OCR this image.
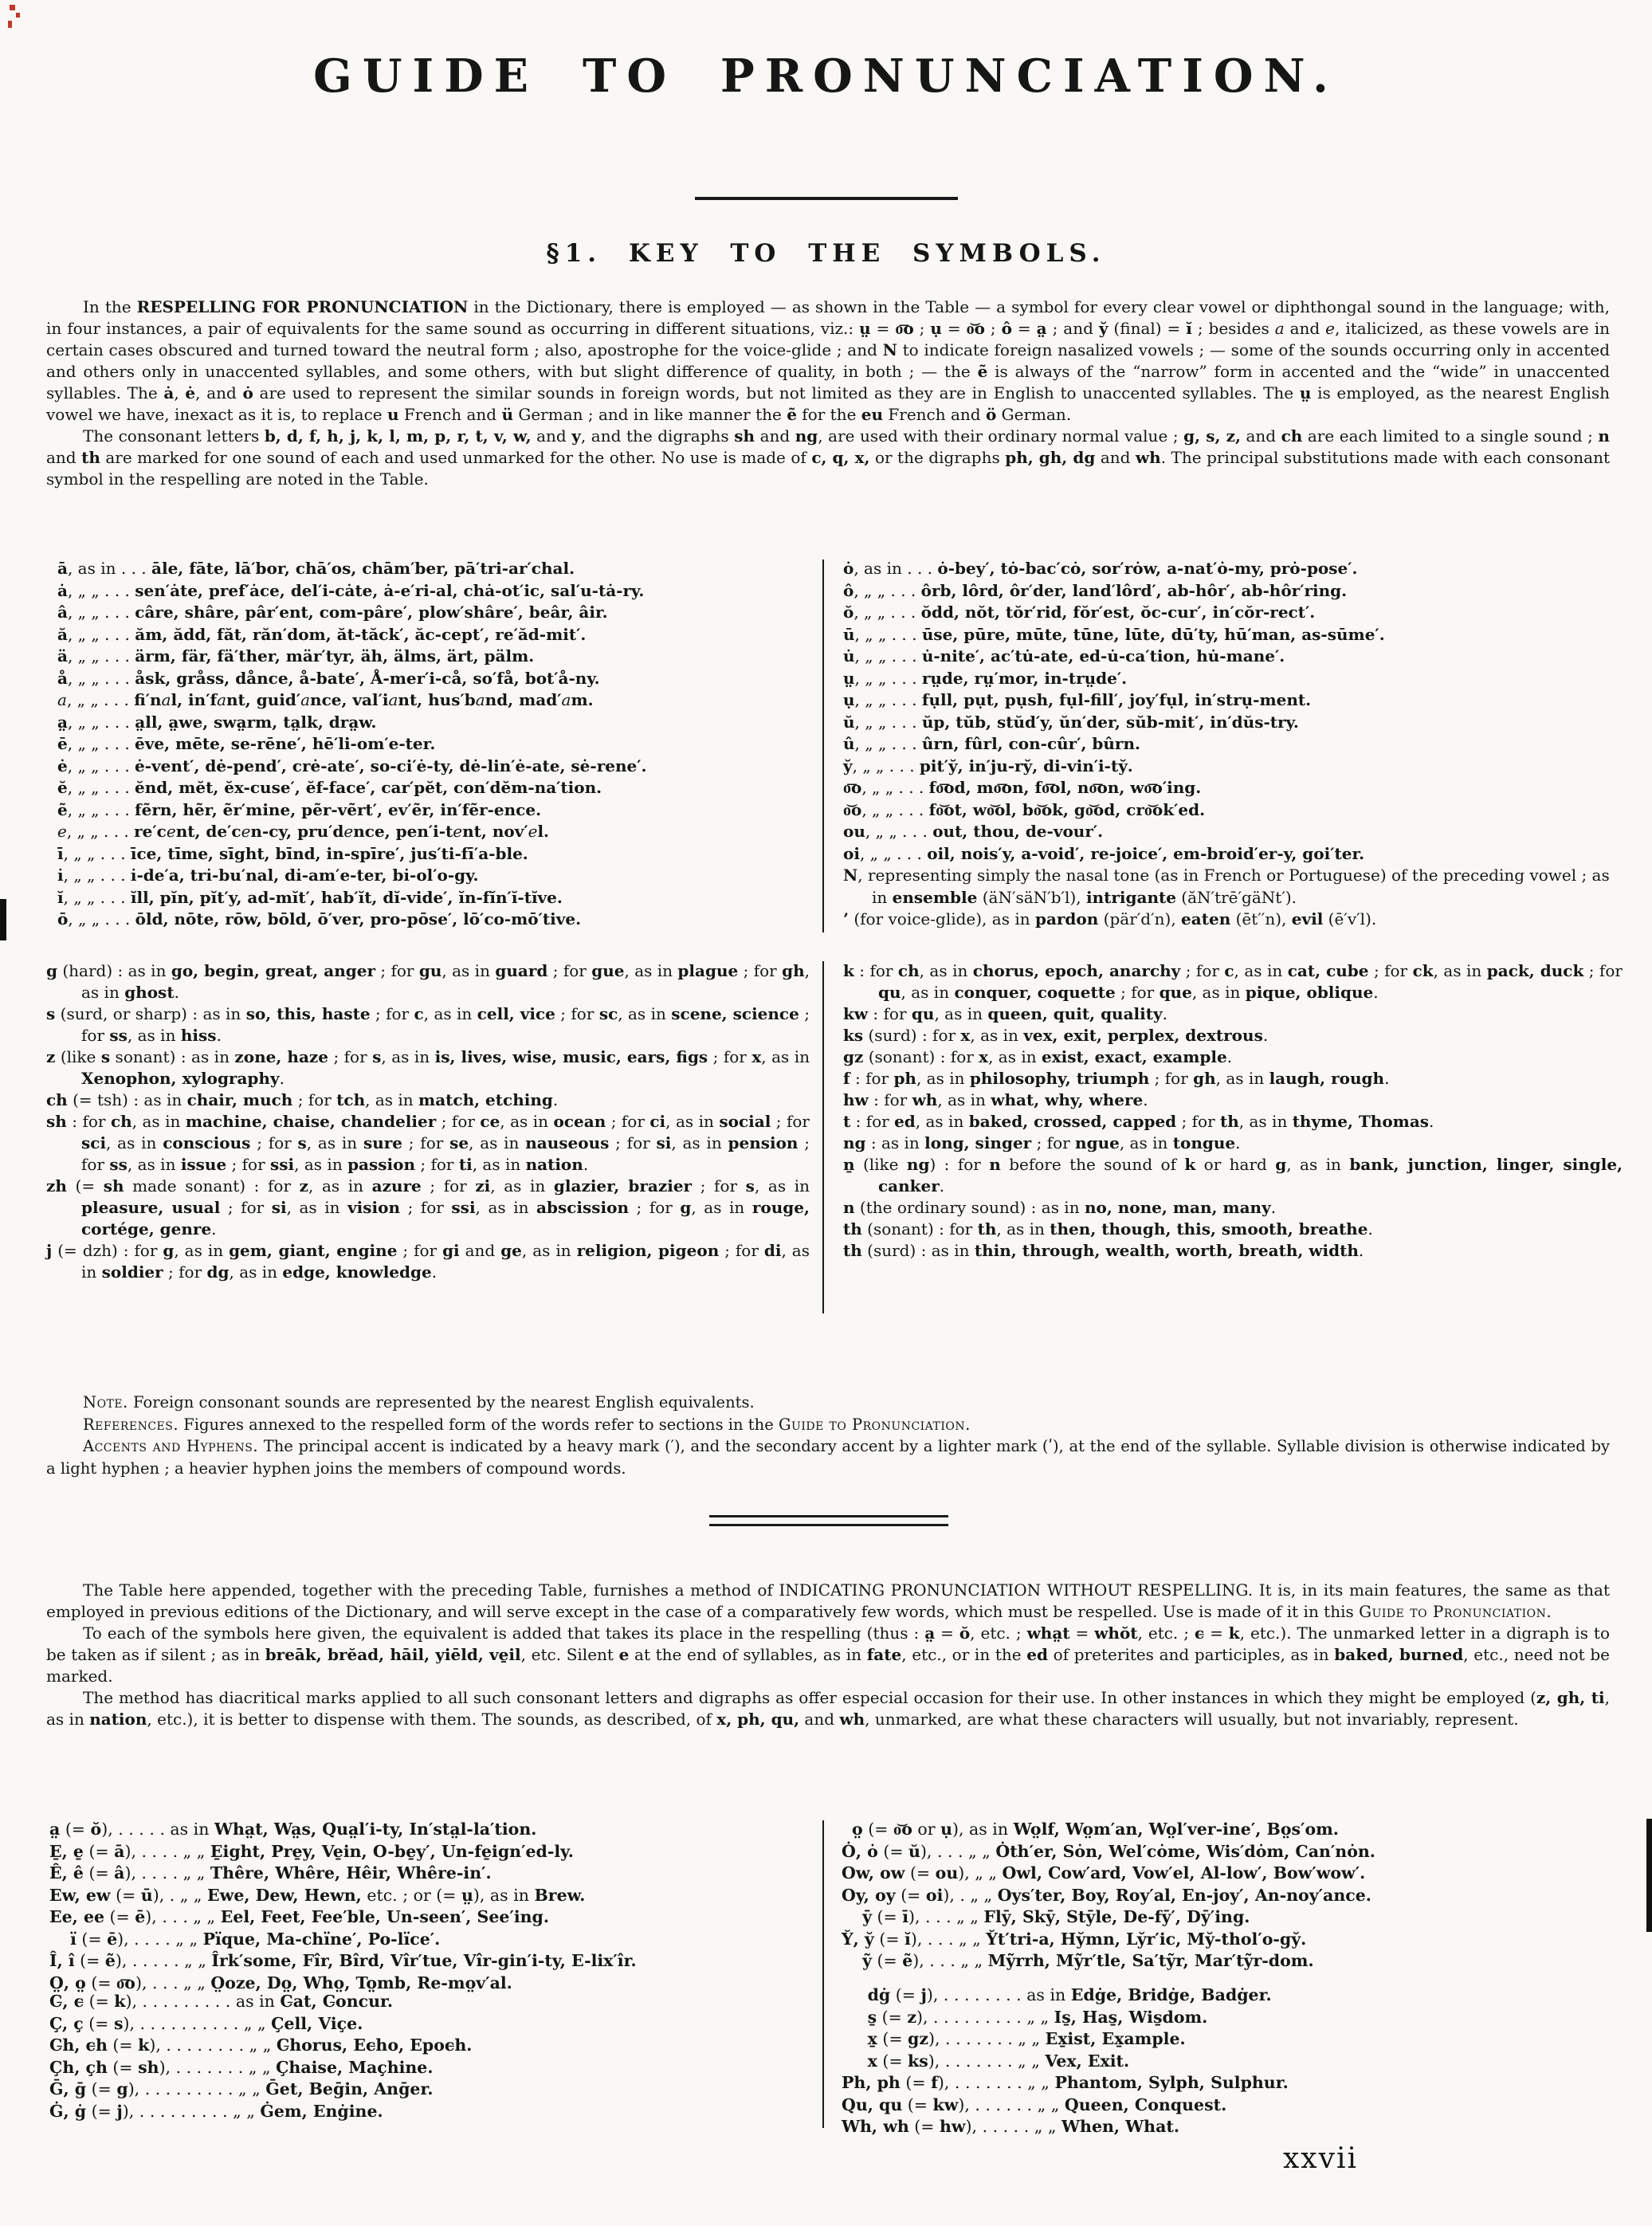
GUIDE TO PRONUNCIATION.
§1. KEY TO THE SYMBOLS.
In the RESPELLING FOR PRONUNCIATION in the Dictionary, there is employed — as shown in the Table — a symbol for every clear vowel or diphthongal sound in the language; with, in four instances, a pair of equivalents for the same sound as occurring in different situations, viz.: ṳ = o͞o ; ụ = o͝o ; ô = a̤ ; and y̆ (final) = ĭ ; besides a and e, italicized, as these vowels are in certain cases obscured and turned toward the neutral form ; also, apostrophe for the voice-glide ; and N to indicate foreign nasalized vowels ; — some of the sounds occurring only in accented and others only in unaccented syllables, and some others, with but slight difference of quality, in both ; — the ẽ is always of the “narrow” form in accented and the “wide” in unaccented syllables. The ȧ, ė, and ȯ are used to represent the similar sounds in foreign words, but not limited as they are in English to unaccented syllables. The ṳ is employed, as the nearest English vowel we have, inexact as it is, to replace u French and ü German ; and in like manner the ẽ for the eu French and ö German.
The consonant letters b, d, f, h, j, k, l, m, p, r, t, v, w, and y, and the digraphs sh and ng, are used with their ordinary normal value ; g, s, z, and ch are each limited to a single sound ; n and th are marked for one sound of each and used unmarked for the other. No use is made of c, q, x, or the digraphs ph, gh, dg and wh. The principal substitutions made with each consonant symbol in the respelling are noted in the Table.
ā, as in . . . āle, fāte, lā′bor, chā′os, chām′ber, pā′tri-ar′chal.
ȧ, „ „ . . . sen′ȧte, pref′ȧce, del′i-cȧte, ȧ-e′ri-al, chȧ-ot′ic, sal′u-tȧ-ry.
â, „ „ . . . câre, shâre, pâr′ent, com-pâre′, plow′shâre′, beâr, âir.
ă, „ „ . . . ăm, ădd, făt, răn′dom, ăt-tăck′, ăc-cept′, re′ăd-mit′.
ä, „ „ . . . ärm, fär, fä′ther, mär′tyr, äh, älms, ärt, pälm.
å, „ „ . . . åsk, gråss, dånce, å-bate′, Å-mer′i-cå, so′få, bot′å-ny.
a, „ „ . . . fi′nal, in′fant, guid′ance, val′iant, hus′band, mad′am.
a̤, „ „ . . . a̤ll, a̤we, swa̤rm, ta̤lk, dra̤w.
ē, „ „ . . . ēve, mēte, se-rēne′, hē′li-om′e-ter.
ė, „ „ . . . ė-vent′, dė-pend′, crė-ate′, so-ci′ė-ty, dė-lin′ė-ate, sė-rene′.
ĕ, „ „ . . . ĕnd, mĕt, ĕx-cuse′, ĕf-face′, car′pĕt, con′dĕm-na′tion.
ẽ, „ „ . . . fẽrn, hẽr, ẽr′mine, pẽr-vẽrt′, ev′ẽr, in′fẽr-ence.
e, „ „ . . . re′cent, de′cen-cy, pru′dence, pen′i-tent, nov′el.
ī, „ „ . . . īce, tīme, sīght, bīnd, in-spīre′, jus′ti-fī′a-ble.
i̇, „ „ . . . i̇-de′a, tri̇-bu′nal, di̇-am′e-ter, bi̇-ol′o-gy.
ĭ, „ „ . . . ĭll, pĭn, pĭt′y, ad-mĭt′, hab′ĭt, dĭ-vide′, ĭn-fĭn′ĭ-tĭve.
ō, „ „ . . . ōld, nōte, rōw, bōld, ō′ver, pro-pōse′, lō′co-mō′tive.
ȯ, as in . . . ȯ-bey′, tȯ-bac′cȯ, sor′rȯw, a-nat′ȯ-my, prȯ-pose′.
ô, „ „ . . . ôrb, lôrd, ôr′der, land′lôrd′, ab-hôr′, ab-hôr′ring.
ŏ, „ „ . . . ŏdd, nŏt, tŏr′rid, fŏr′est, ŏc-cur′, in′cŏr-rect′.
ū, „ „ . . . ūse, pūre, mūte, tūne, lūte, dū′ty, hū′man, as-sūme′.
u̇, „ „ . . . u̇-nite′, ac′tu̇-ate, ed-u̇-ca′tion, hu̇-mane′.
ṳ, „ „ . . . rṳde, rṳ′mor, in-trṳde′.
ụ, „ „ . . . fụll, pụt, pụsh, fụl-fill′, joy′fụl, in′strụ-ment.
ŭ, „ „ . . . ŭp, tŭb, stŭd′y, ŭn′der, sŭb-mit′, in′dŭs-try.
û, „ „ . . . ûrn, fûrl, con-cûr′, bûrn.
y̆, „ „ . . . pit′y̆, in′ju-ry̆, di-vin′i-ty̆.
o͞o, „ „ . . . fo͞od, mo͞on, fo͞ol, no͞on, wo͞o′ing.
o͝o, „ „ . . . fo͝ot, wo͝ol, bo͝ok, go͝od, cro͝ok′ed.
ou, „ „ . . . out, thou, de-vour′.
oi, „ „ . . . oil, nois′y, a-void′, re-joice′, em-broid′er-y, goi′ter.
N, representing simply the nasal tone (as in French or Portuguese) of the preceding vowel ; as in ensemble (äN′säN′b′l), intrigante (ăN′trē′gäNt′).
’ (for voice-glide), as in pardon (pär′d′n), eaten (ēt′′n), evil (ē′v′l).
g (hard) : as in go, begin, great, anger ; for gu, as in guard ; for gue, as in plague ; for gh, as in ghost.
s (surd, or sharp) : as in so, this, haste ; for c, as in cell, vice ; for sc, as in scene, science ; for ss, as in hiss.
z (like s sonant) : as in zone, haze ; for s, as in is, lives, wise, music, ears, figs ; for x, as in Xenophon, xylography.
ch (= tsh) : as in chair, much ; for tch, as in match, etching.
sh : for ch, as in machine, chaise, chandelier ; for ce, as in ocean ; for ci, as in social ; for sci, as in conscious ; for s, as in sure ; for se, as in nauseous ; for si, as in pension ; for ss, as in issue ; for ssi, as in passion ; for ti, as in nation.
zh (= sh made sonant) : for z, as in azure ; for zi, as in glazier, brazier ; for s, as in pleasure, usual ; for si, as in vision ; for ssi, as in abscission ; for g, as in rouge, cortége, genre.
j (= dzh) : for g, as in gem, giant, engine ; for gi and ge, as in religion, pigeon ; for di, as in soldier ; for dg, as in edge, knowledge.
k : for ch, as in chorus, epoch, anarchy ; for c, as in cat, cube ; for ck, as in pack, duck ; for qu, as in conquer, coquette ; for que, as in pique, oblique.
kw : for qu, as in queen, quit, quality.
ks (surd) : for x, as in vex, exit, perplex, dextrous.
gz (sonant) : for x, as in exist, exact, example.
f : for ph, as in philosophy, triumph ; for gh, as in laugh, rough.
hw : for wh, as in what, why, where.
t : for ed, as in baked, crossed, capped ; for th, as in thyme, Thomas.
ng : as in long, singer ; for ngue, as in tongue.
ṉ (like ng) : for n before the sound of k or hard g, as in bank, junction, linger, single, canker.
n (the ordinary sound) : as in no, none, man, many.
th (sonant) : for th, as in then, though, this, smooth, breathe.
th (surd) : as in thin, through, wealth, worth, breath, width.
Note. Foreign consonant sounds are represented by the nearest English equivalents.
References. Figures annexed to the respelled form of the words refer to sections in the Guide to Pronunciation.
Accents and Hyphens. The principal accent is indicated by a heavy mark (′), and the secondary accent by a lighter mark (ʹ), at the end of the syllable. Syllable division is otherwise indicated by a light hyphen ; a heavier hyphen joins the members of compound words.
The Table here appended, together with the preceding Table, furnishes a method of INDICATING PRONUNCIATION WITHOUT RESPELLING. It is, in its main features, the same as that employed in previous editions of the Dictionary, and will serve except in the case of a comparatively few words, which must be respelled. Use is made of it in this Guide to Pronunciation.
To each of the symbols here given, the equivalent is added that takes its place in the respelling (thus : a̤ = ŏ, etc. ; wha̤t = whŏt, etc. ; c̵ = k, etc.). The unmarked letter in a digraph is to be taken as if silent ; as in breāk, brĕad, hāil, yiēld, ve̱il, etc. Silent e at the end of syllables, as in fate, etc., or in the ed of preterites and participles, as in baked, burned, etc., need not be marked.
The method has diacritical marks applied to all such consonant letters and digraphs as offer especial occasion for their use. In other instances in which they might be employed (z, gh, ti, as in nation, etc.), it is better to dispense with them. The sounds, as described, of x, ph, qu, and wh, unmarked, are what these characters will usually, but not invariably, represent.
a̤ (= ŏ), . . . . . as in Wha̤t, Wa̤s, Qua̤l′i-ty, In′sta̤l-la′tion.
E̱, e̱ (= ā), . . . . „ „ E̱ight, Pre̱y, Ve̱in, O-be̱y′, Un-fe̱ign′ed-ly.
Ê, ê (= â), . . . . „ „ Thêre, Whêre, Hêir, Whêre-in′.
Ew, ew (= ū), . „ „ Ewe, Dew, Hewn, etc. ; or (= ṳ), as in Brew.
Ee, ee (= ē), . . . „ „ Eel, Feet, Fee′ble, Un-seen′, See′ing.
ï (= ē), . . . . „ „ Pïque, Ma-chïne′, Po-lïce′.
Î, î (= ẽ), . . . . . „ „ Îrk′some, Fîr, Bîrd, Vîr′tue, Vîr-gin′i-ty, E-lix′îr.
O̤, o̤ (= o͞o), . . . „ „ O̤oze, Do̤, Who̤, To̤mb, Re-mo̤v′al.
o̤ (= o͝o or ụ), as in Wo̤lf, Wo̤m′an, Wo̤l′ver-ine′, Bo̤s′om.
Ȯ, ȯ (= ŭ), . . . „ „ Ȯth′er, Sȯn, Wel′cȯme, Wis′dȯm, Can′nȯn.
Ow, ow (= ou), „ „ Owl, Cow′ard, Vow′el, Al-low′, Bow′wow′.
Oy, oy (= oi), . „ „ Oys′ter, Boy, Roy′al, En-joy′, An-noy′ance.
ȳ (= ī), . . . „ „ Flȳ, Skȳ, Stȳle, De-fȳ′, Dȳ′ing.
Y̆, y̆ (= ĭ), . . . „ „ Y̆t′tri-a, Hy̆mn, Ly̆r′ic, My̆-thol′o-gy̆.
ỹ (= ẽ), . . . „ „ Mỹrrh, Mỹr′tle, Sa′tỹr, Mar′tỹr-dom.
C̵, c̵ (= k), . . . . . . . . . as in C̵at, C̵oncur.
Ç, ç (= s), . . . . . . . . . . „ „ Çell, Viçe.
C̵h, c̵h (= k), . . . . . . . . „ „ C̵horus, Ec̵ho, Epoc̵h.
Çh, çh (= sh), . . . . . . . „ „ Çhaise, Maçhine.
Ḡ, ḡ (= g), . . . . . . . . . „ „ Ḡet, Beḡin, Anḡer.
Ġ, ġ (= j), . . . . . . . . . „ „ Ġem, Enġine.
dġ (= j), . . . . . . . . as in Edġe, Bridġe, Badġer.
s̱ (= z), . . . . . . . . . „ „ Is̱, Has̱, Wis̱dom.
x̱ (= gz), . . . . . . . „ „ Ex̱ist, Ex̱ample.
x (= ks), . . . . . . . „ „ Vex, Exit.
Ph, ph (= f), . . . . . . . „ „ Phantom, Sylph, Sulphur.
Qu, qu (= kw), . . . . . . „ „ Queen, Conquest.
Wh, wh (= hw), . . . . . „ „ When, What.
xxvii
